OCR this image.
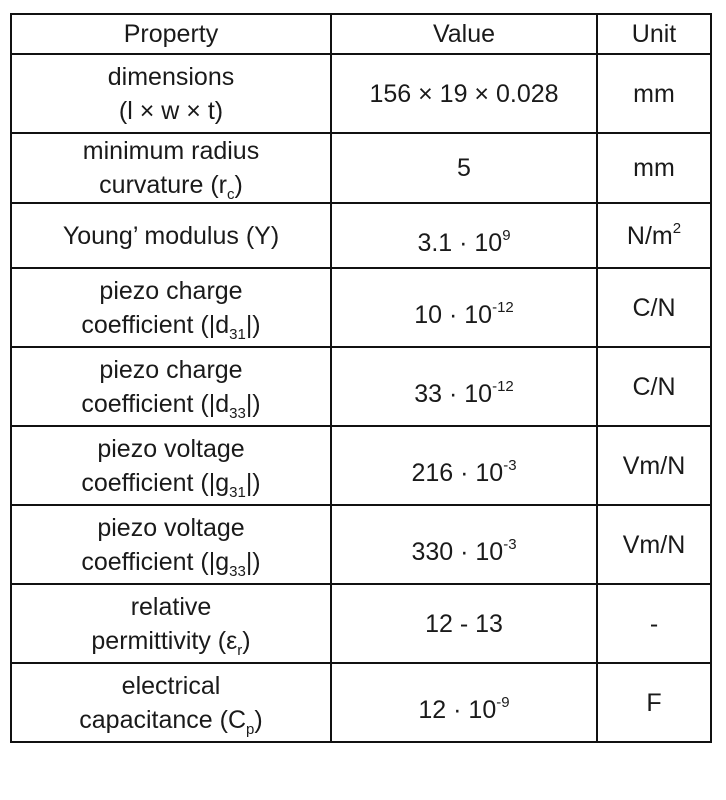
Property	Value	Unit
dimensions
(l × w × t)	156 × 19 × 0.028	mm
minimum radius
curvature $(r_c)$	5	mm
Young’ modulus (Y)	$3.1 \cdot 10^9$	$N/m^2$
piezo charge
coefficient $(|d_{31}|)$	$10 \cdot 10^{-12}$	C/N
piezo charge
coefficient $(|d_{33}|)$	$33 \cdot 10^{-12}$	C/N
piezo voltage
coefficient $(|g_{31}|)$	$216 \cdot 10^{-3}$	Vm/N
piezo voltage
coefficient $(|g_{33}|)$	$330 \cdot 10^{-3}$	Vm/N
relative
permittivity $(\varepsilon_r)$	12 - 13	-
electrical
capacitance $(C_p)$	$12 \cdot 10^{-9}$	F
